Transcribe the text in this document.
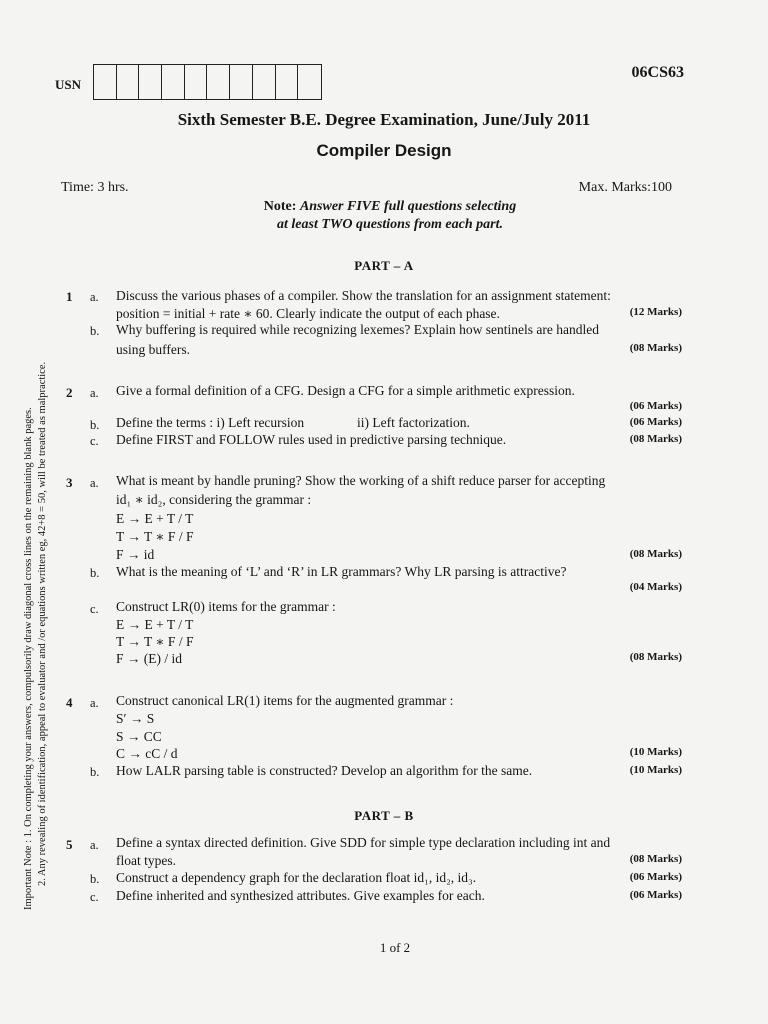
USN
06CS63
Sixth Semester B.E. Degree Examination, June/July 2011
Compiler Design
Time: 3 hrs.	Max. Marks:100
Note: Answer FIVE full questions selecting
at least TWO questions from each part.
Important Note : 1. On completing your answers, compulsorily draw diagonal cross lines on the remaining blank pages. 2. Any revealing of identification, appeal to evaluator and /or equations written eg, 42+8 = 50, will be treated as malpractice.
PART – A
1 a. Discuss the various phases of a compiler. Show the translation for an assignment statement:
position = initial + rate ∗ 60. Clearly indicate the output of each phase.	(12 Marks)
b. Why buffering is required while recognizing lexemes? Explain how sentinels are handled
using buffers.	(08 Marks)
2 a. Give a formal definition of a CFG. Design a CFG for a simple arithmetic expression.
(06 Marks)
b. Define the terms : i) Left recursion	ii) Left factorization.	(06 Marks)
c. Define FIRST and FOLLOW rules used in predictive parsing technique.	(08 Marks)
3 a. What is meant by handle pruning? Show the working of a shift reduce parser for accepting
id₁ ∗ id₂, considering the grammar :
E → E + T / T
T → T ∗ F / F
F → id	(08 Marks)
b. What is the meaning of ‘L’ and ‘R’ in LR grammars? Why LR parsing is attractive?
(04 Marks)
c. Construct LR(0) items for the grammar :
E → E + T / T
T → T ∗ F / F
F → (E) / id	(08 Marks)
4 a. Construct canonical LR(1) items for the augmented grammar :
S′ → S
S → CC
C → cC / d	(10 Marks)
b. How LALR parsing table is constructed? Develop an algorithm for the same.	(10 Marks)
PART – B
5 a. Define a syntax directed definition. Give SDD for simple type declaration including int and
float types.	(08 Marks)
b. Construct a dependency graph for the declaration float id₁, id₂, id₃.	(06 Marks)
c. Define inherited and synthesized attributes. Give examples for each.	(06 Marks)
1 of 2
